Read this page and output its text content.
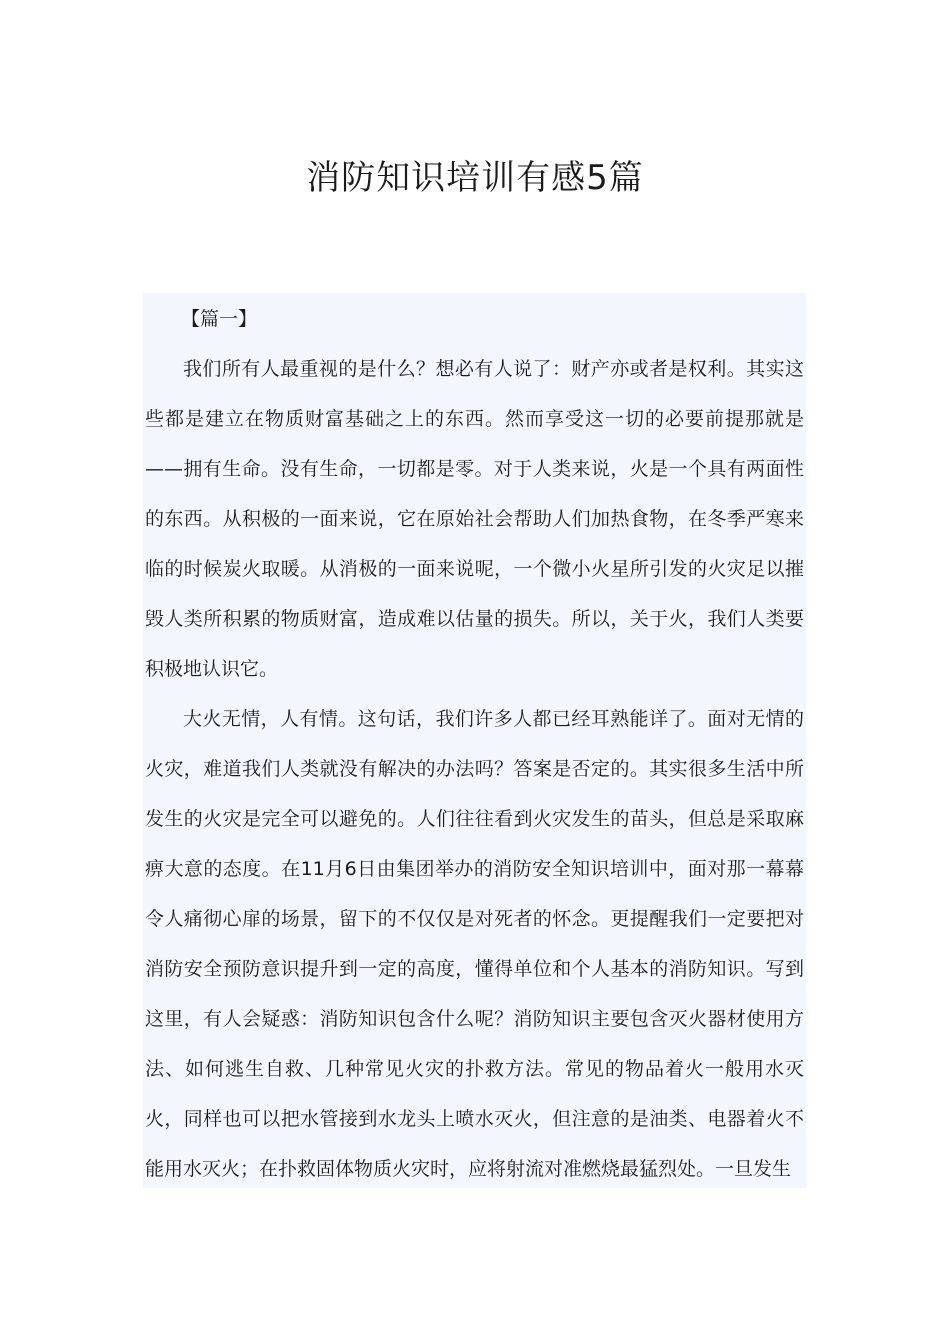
消防知识培训有感5篇

【篇一】

我们所有人最重视的是什么？想必有人说了：财产亦或者是权利。其实这些都是建立在物质财富基础之上的东西。然而享受这一切的必要前提那就是——拥有生命。没有生命，一切都是零。对于人类来说，火是一个具有两面性的东西。从积极的一面来说，它在原始社会帮助人们加热食物，在冬季严寒来临的时候炭火取暖。从消极的一面来说呢，一个微小火星所引发的火灾足以摧毁人类所积累的物质财富，造成难以估量的损失。所以，关于火，我们人类要积极地认识它。

大火无情，人有情。这句话，我们许多人都已经耳熟能详了。面对无情的火灾，难道我们人类就没有解决的办法吗？答案是否定的。其实很多生活中所发生的火灾是完全可以避免的。人们往往看到火灾发生的苗头，但总是采取麻痹大意的态度。在11月6日由集团举办的消防安全知识培训中，面对那一幕幕令人痛彻心扉的场景，留下的不仅仅是对死者的怀念。更提醒我们一定要把对消防安全预防意识提升到一定的高度，懂得单位和个人基本的消防知识。写到这里，有人会疑惑：消防知识包含什么呢？消防知识主要包含灭火器材使用方法、如何逃生自救、几种常见火灾的扑救方法。常见的物品着火一般用水灭火，同样也可以把水管接到水龙头上喷水灭火，但注意的是油类、电器着火不能用水灭火；在扑救固体物质火灾时，应将射流对准燃烧最猛烈处。一旦发生
